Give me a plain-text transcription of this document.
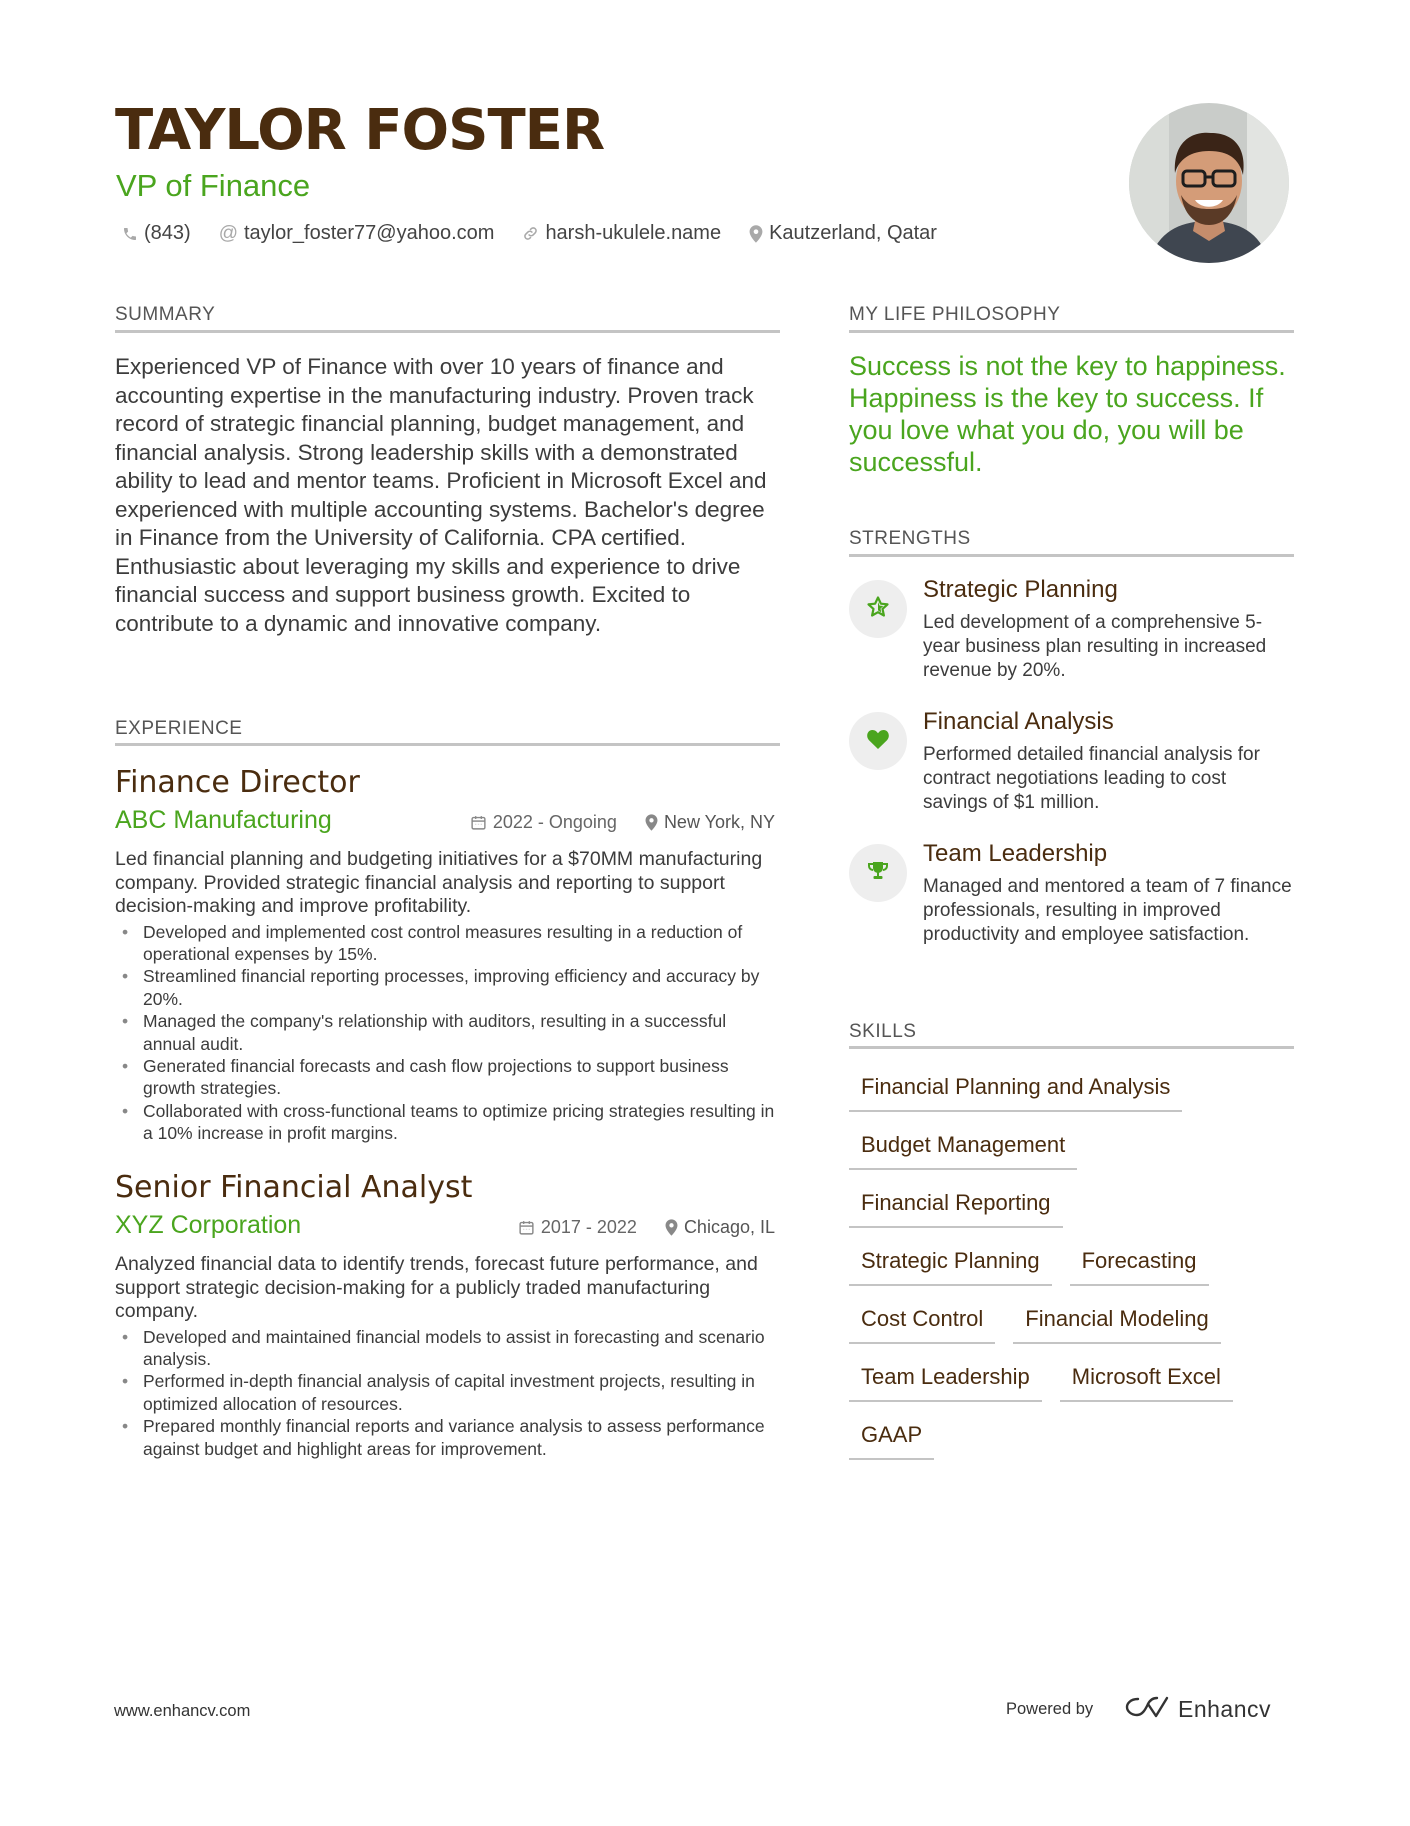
TAYLOR FOSTER
VP of Finance
(843) @ taylor_foster77@yahoo.com	harsh-ukulele.name Kautzerland, Qatar
SUMMARY

Experienced VP of Finance with over 10 years of finance and accounting expertise in the manufacturing industry. Proven track record of strategic financial planning, budget management, and financial analysis. Strong leadership skills with a demonstrated ability to lead and mentor teams. Proficient in Microsoft Excel and experienced with multiple accounting systems. Bachelor's degree in Finance from the University of California. CPA certified. Enthusiastic about leveraging my skills and experience to drive financial success and support business growth. Excited to contribute to a dynamic and innovative company.

EXPERIENCE
Finance Director
ABC Manufacturing	2022 - Ongoing	New York, NY

Led financial planning and budgeting initiatives for a $70MM manufacturing company. Provided strategic financial analysis and reporting to support decision-making and improve profitability.

• Developed and implemented cost control measures resulting in a reduction of operational expenses by 15%.
• Streamlined financial reporting processes, improving efficiency and accuracy by 20%.
• Managed the company's relationship with auditors, resulting in a successful annual audit.
• Generated financial forecasts and cash flow projections to support business growth strategies.
• Collaborated with cross-functional teams to optimize pricing strategies resulting in a 10% increase in profit margins.
Senior Financial Analyst
XYZ Corporation	2017 - 2022	Chicago, IL

Analyzed financial data to identify trends, forecast future performance, and support strategic decision-making for a publicly traded manufacturing company.

• Developed and maintained financial models to assist in forecasting and scenario analysis.
• Performed in-depth financial analysis of capital investment projects, resulting in optimized allocation of resources.
• Prepared monthly financial reports and variance analysis to assess performance against budget and highlight areas for improvement.
MY LIFE PHILOSOPHY

Success is not the key to happiness. Happiness is the key to success. If you love what you do, you will be successful.

STRENGTHS
Strategic Planning
Led development of a comprehensive 5-year business plan resulting in increased revenue by 20%.
Financial Analysis
Performed detailed financial analysis for contract negotiations leading to cost savings of $1 million.
Team Leadership
Managed and mentored a team of 7 finance professionals, resulting in improved productivity and employee satisfaction.
SKILLS
Financial Planning and Analysis
Budget Management
Financial Reporting
Strategic Planning	Forecasting
Cost Control	Financial Modeling
Team Leadership	Microsoft Excel
GAAP
www.enhancv.com	Powered by	Enhancv
